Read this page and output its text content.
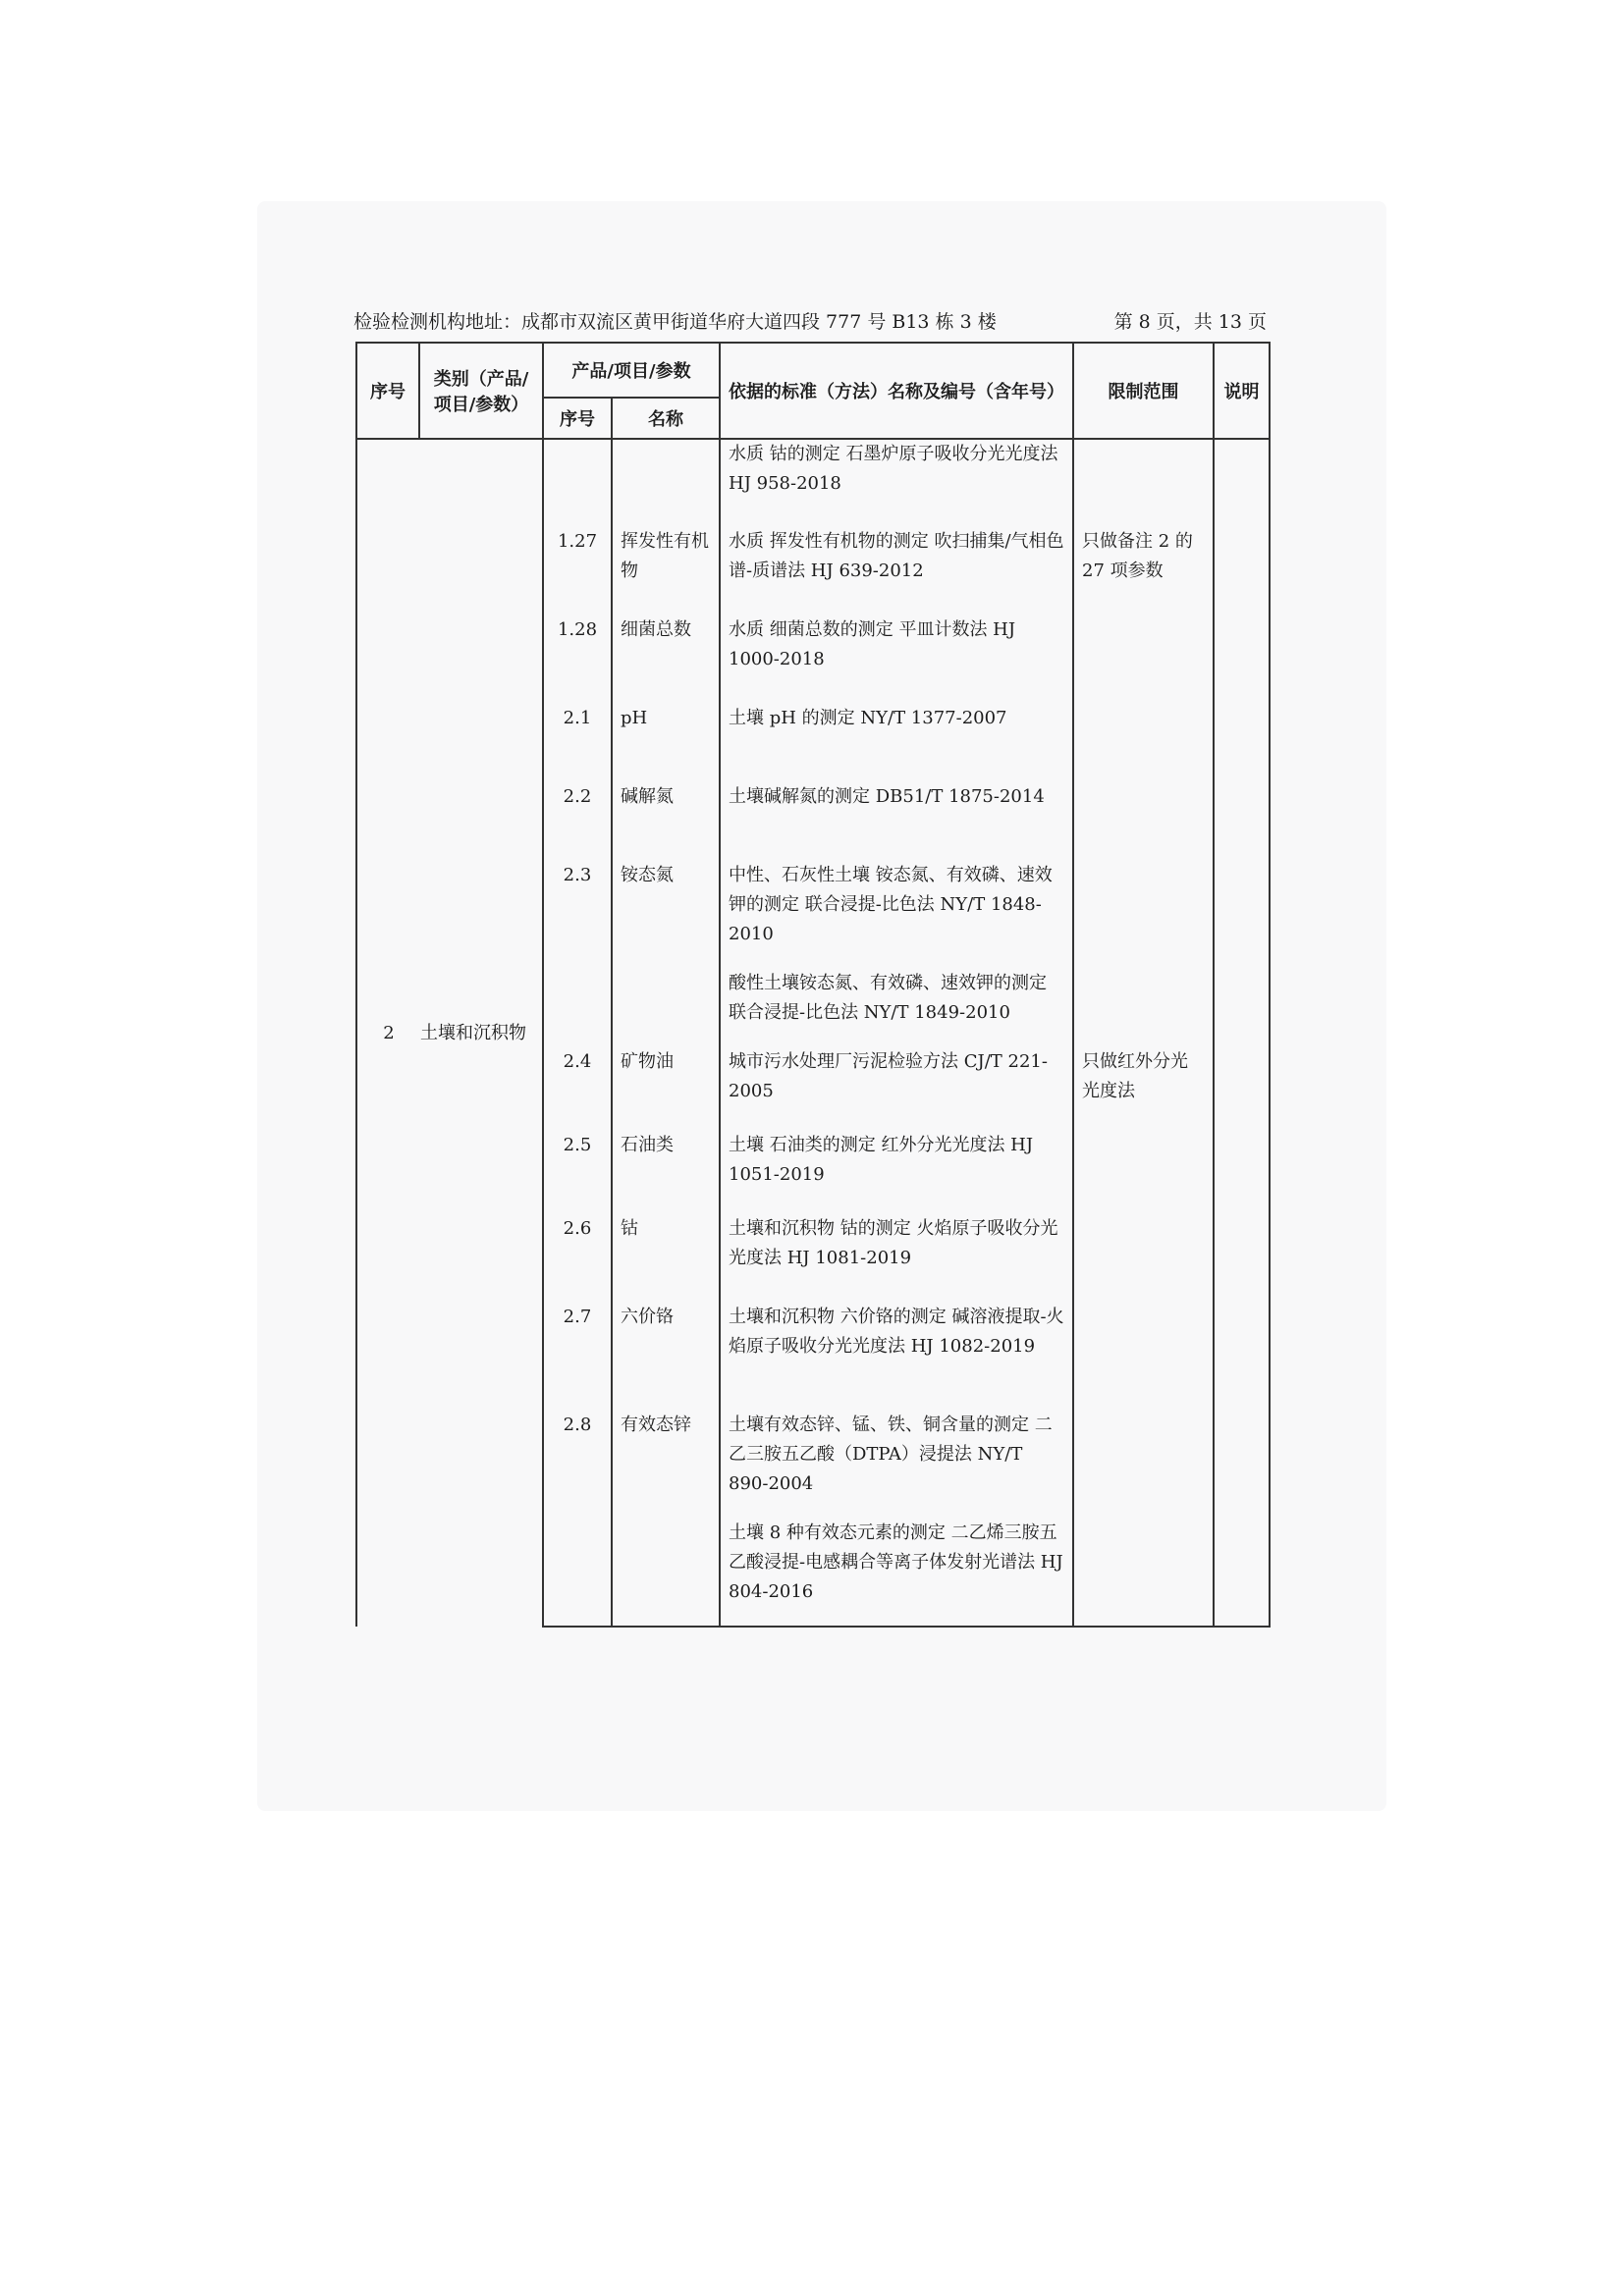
检验检测机构地址：成都市双流区黄甲街道华府大道四段 777 号 B13 栋 3 楼	第 8 页，共 13 页
序号	类别（产品/项目/参数）	产品/项目/参数		依据的标准（方法）名称及编号（含年号）	限制范围	说明
		序号	名称			

2 土壤和沉积物				水质 钴的测定 石墨炉原子吸收分光光度法 HJ 958-2018		
		1.27	挥发性有机物	水质 挥发性有机物的测定 吹扫捕集/气相色谱-质谱法 HJ 639-2012	只做备注 2 的 27 项参数	
		1.28	细菌总数	水质 细菌总数的测定 平皿计数法 HJ 1000-2018		
		2.1	pH	土壤 pH 的测定 NY/T 1377-2007		
		2.2	碱解氮	土壤碱解氮的测定 DB51/T 1875-2014		
		2.3	铵态氮	中性、石灰性土壤 铵态氮、有效磷、速效钾的测定 联合浸提-比色法 NY/T 1848-2010		
				酸性土壤铵态氮、有效磷、速效钾的测定 联合浸提-比色法 NY/T 1849-2010		
		2.4	矿物油	城市污水处理厂污泥检验方法 CJ/T 221-2005	只做红外分光光度法	
		2.5	石油类	土壤 石油类的测定 红外分光光度法 HJ 1051-2019		
		2.6	钴	土壤和沉积物 钴的测定 火焰原子吸收分光光度法 HJ 1081-2019		
		2.7	六价铬	土壤和沉积物 六价铬的测定 碱溶液提取-火焰原子吸收分光光度法 HJ 1082-2019		
		2.8	有效态锌	土壤有效态锌、锰、铁、铜含量的测定 二乙三胺五乙酸（DTPA）浸提法 NY/T 890-2004		
				土壤 8 种有效态元素的测定 二乙烯三胺五乙酸浸提-电感耦合等离子体发射光谱法 HJ 804-2016		
